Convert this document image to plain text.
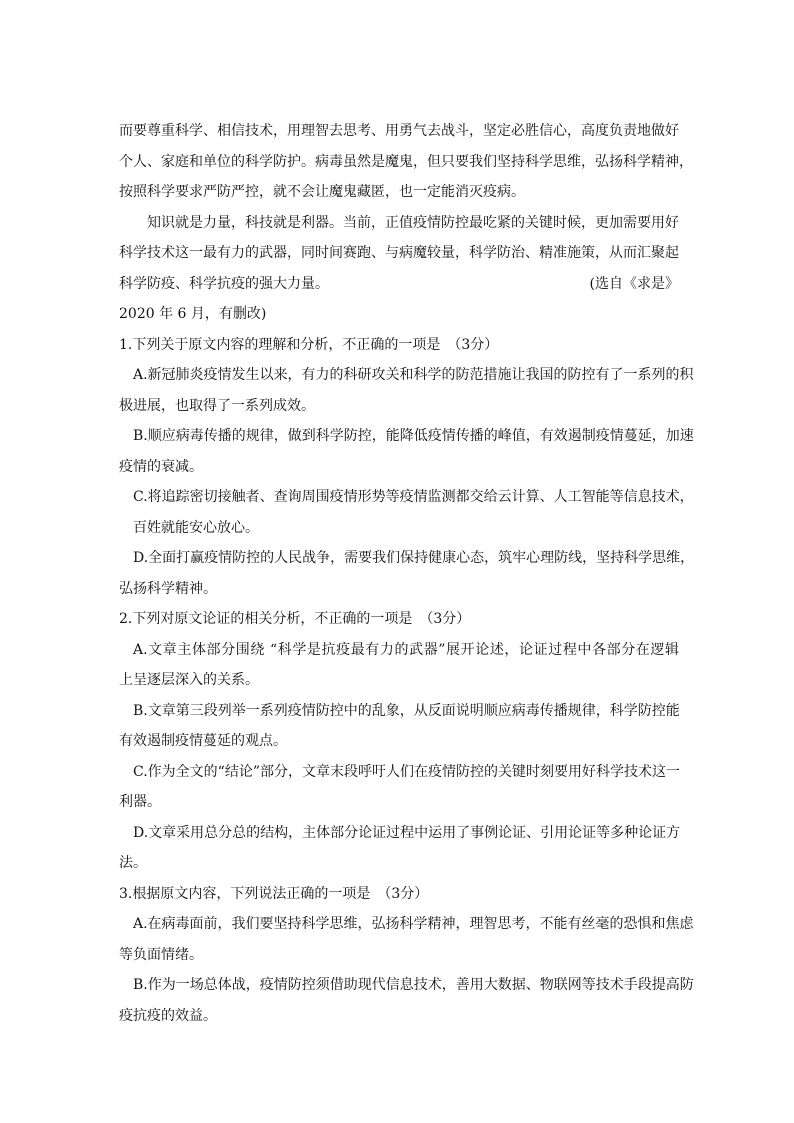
而要尊重科学、相信技术，用理智去思考、用勇气去战斗，坚定必胜信心，高度负责地做好
个人、家庭和单位的科学防护。病毒虽然是魔鬼，但只要我们坚持科学思维，弘扬科学精神，
按照科学要求严防严控，就不会让魔鬼藏匿，也一定能消灭疫病。
知识就是力量，科技就是利器。当前，正值疫情防控最吃紧的关键时候，更加需要用好
科学技术这一最有力的武器，同时间赛跑、与病魔较量，科学防治、精准施策，从而汇聚起
科学防疫、科学抗疫的强大力量。	(选自《求是》
2020 年 6 月，有删改)
1.下列关于原文内容的理解和分析，不正确的一项是　（3分）
A.新冠肺炎疫情发生以来，有力的科研攻关和科学的防范措施让我国的防控有了一系列的积
极进展，也取得了一系列成效。
B.顺应病毒传播的规律，做到科学防控，能降低疫情传播的峰值，有效遏制疫情蔓延，加速
疫情的衰减。
C.将追踪密切接触者、查询周围疫情形势等疫情监测都交给云计算、人工智能等信息技术，
百姓就能安心放心。
D.全面打赢疫情防控的人民战争，需要我们保持健康心态，筑牢心理防线，坚持科学思维，
弘扬科学精神。
2.下列对原文论证的相关分析，不正确的一项是　（3分）
A.文章主体部分围绕 “科学是抗疫最有力的武器”展开论述，论证过程中各部分在逻辑
上呈逐层深入的关系。
B.文章第三段列举一系列疫情防控中的乱象，从反面说明顺应病毒传播规律，科学防控能
有效遏制疫情蔓延的观点。
C.作为全文的“结论”部分，文章末段呼吁人们在疫情防控的关键时刻要用好科学技术这一
利器。
D.文章采用总分总的结构，主体部分论证过程中运用了事例论证、引用论证等多种论证方
法。
3.根据原文内容，下列说法正确的一项是　（3分）
A.在病毒面前，我们要坚持科学思维，弘扬科学精神，理智思考，不能有丝毫的恐惧和焦虑
等负面情绪。
B.作为一场总体战，疫情防控须借助现代信息技术，善用大数据、物联网等技术手段提高防
疫抗疫的效益。
